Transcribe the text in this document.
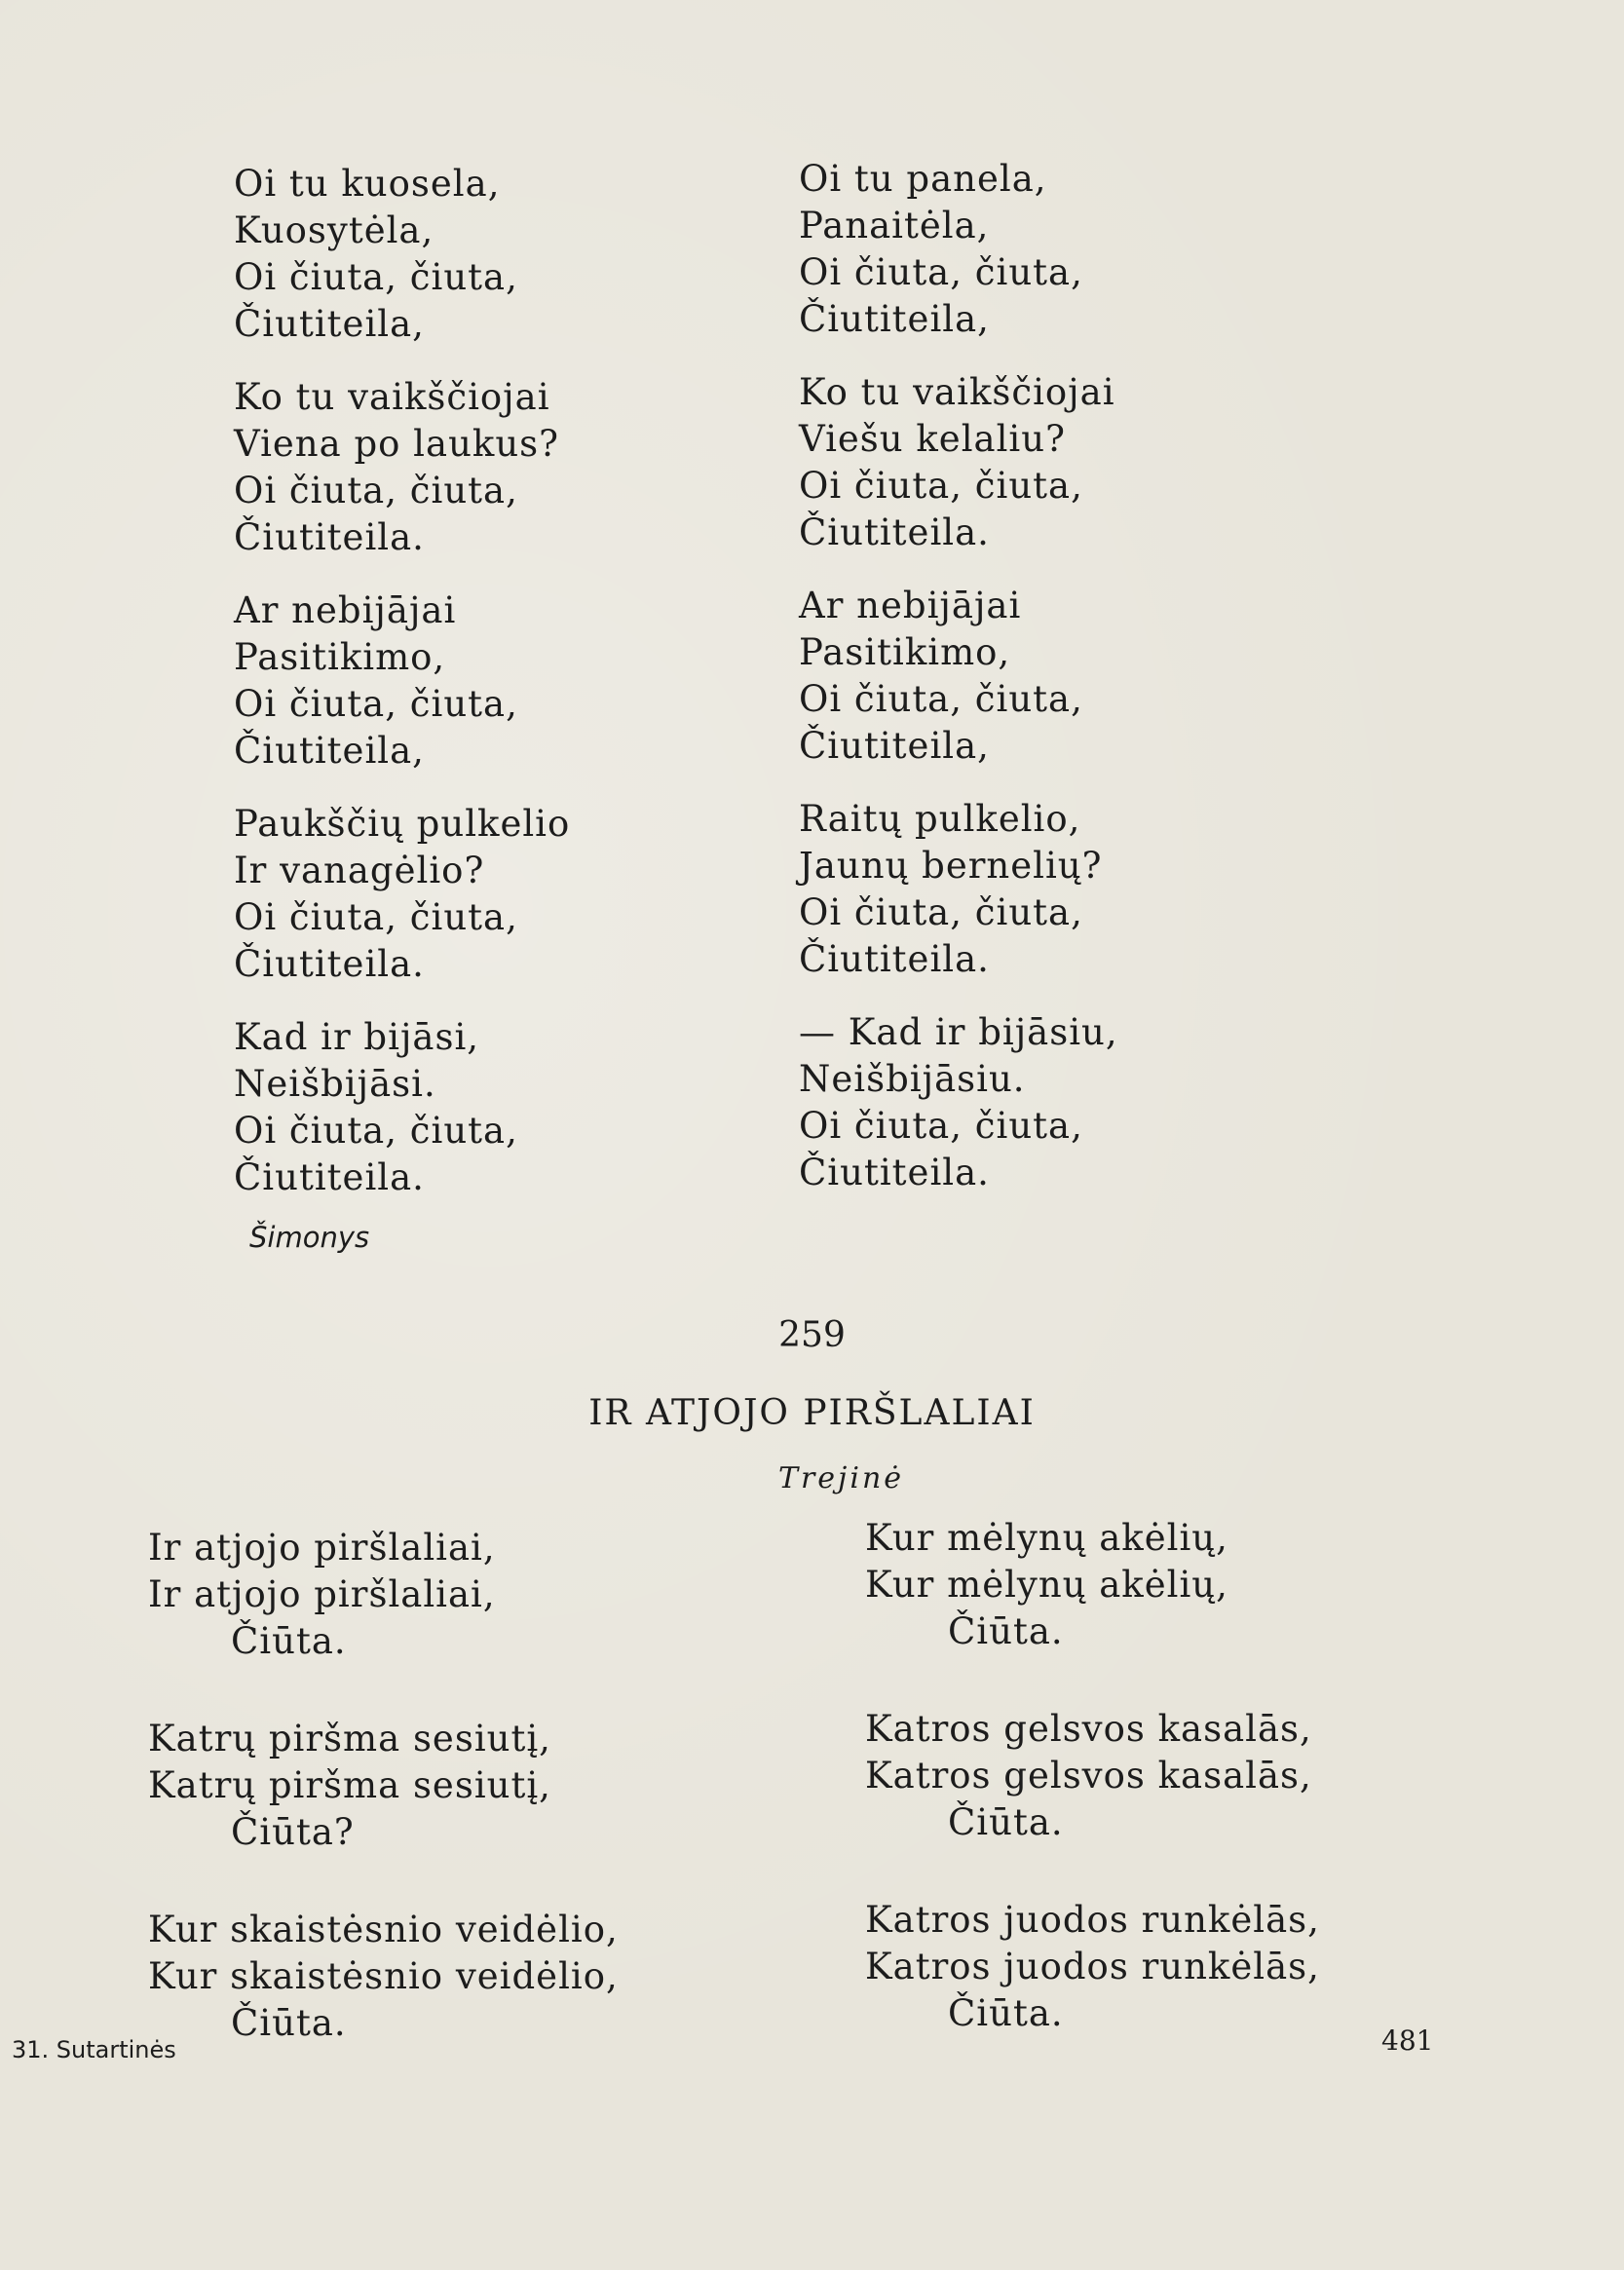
Oi tu kuosela,
Kuosytėla,
Oi čiuta, čiuta,
Čiutiteila,
Ko tu vaikščiojai
Viena po laukus?
Oi čiuta, čiuta,
Čiutiteila.
Ar nebijājai
Pasitikimo,
Oi čiuta, čiuta,
Čiutiteila,
Paukščių pulkelio
Ir vanagėlio?
Oi čiuta, čiuta,
Čiutiteila.
Kad ir bijāsi,
Neišbijāsi.
Oi čiuta, čiuta,
Čiutiteila.
Oi tu panela,
Panaitėla,
Oi čiuta, čiuta,
Čiutiteila,
Ko tu vaikščiojai
Viešu kelaliu?
Oi čiuta, čiuta,
Čiutiteila.
Ar nebijājai
Pasitikimo,
Oi čiuta, čiuta,
Čiutiteila,
Raitų pulkelio,
Jaunų bernelių?
Oi čiuta, čiuta,
Čiutiteila.
— Kad ir bijāsiu,
Neišbijāsiu.
Oi čiuta, čiuta,
Čiutiteila.
Šimonys
259
IR ATJOJO PIRŠLALIAI
Trejinė
Ir atjojo piršlaliai,
Ir atjojo piršlaliai,
Čiūta.
Katrų piršma sesiutį,
Katrų piršma sesiutį,
Čiūta?
Kur skaistėsnio veidėlio,
Kur skaistėsnio veidėlio,
Čiūta.
Kur mėlynų akėlių,
Kur mėlynų akėlių,
Čiūta.
Katros gelsvos kasalās,
Katros gelsvos kasalās,
Čiūta.
Katros juodos runkėlās,
Katros juodos runkėlās,
Čiūta.
31. Sutartinės	481
